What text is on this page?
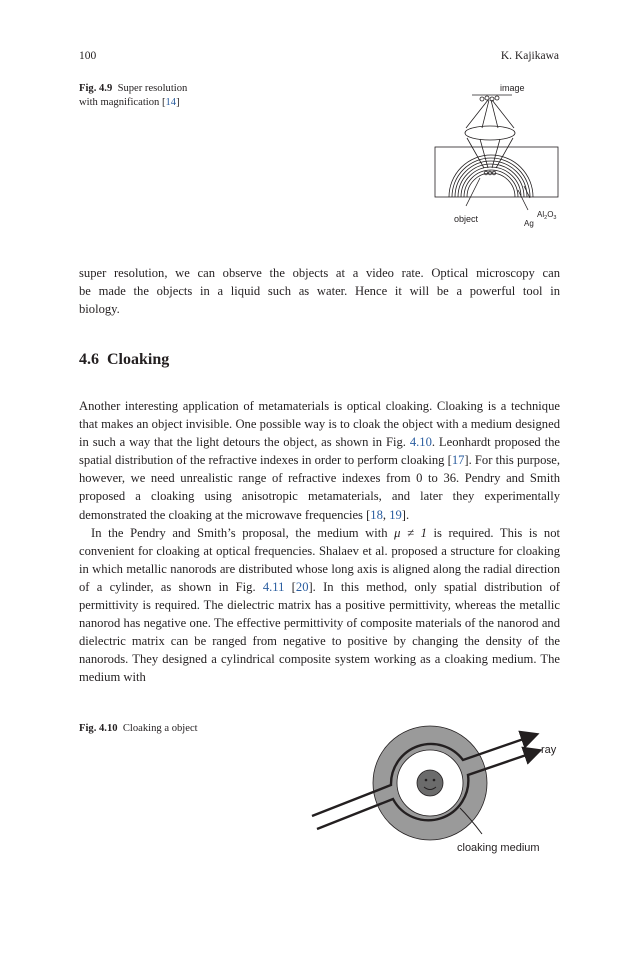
100	K. Kajikawa
Fig. 4.9 Super resolution
with magnification [14]
image
object	$Al_2O_3$
Ag
super resolution, we can observe the objects at a video rate. Optical microscopy can
be made the objects in a liquid such as water. Hence it will be a powerful tool in
biology.
4.6 Cloaking

Another interesting application of metamaterials is optical cloaking. Cloaking is a technique that makes an object invisible. One possible way is to cloak the object with a medium designed in such a way that the light detours the object, as shown in Fig. 4.10. Leonhardt proposed the spatial distribution of the refractive indexes in order to perform cloaking [17]. For this purpose, however, we need unrealistic range of refractive indexes from 0 to 36. Pendry and Smith proposed a cloaking using anisotropic metamaterials, and later they experimentally demonstrated the cloaking at the microwave frequencies [18, 19].

In the Pendry and Smith’s proposal, the medium with μ ≠ 1 is required. This is not convenient for cloaking at optical frequencies. Shalaev et al. proposed a structure for cloaking in which metallic nanorods are distributed whose long axis is aligned along the radial direction of a cylinder, as shown in Fig. 4.11 [20]. In this method, only spatial distribution of permittivity is required. The dielectric matrix has a positive permittivity, whereas the metallic nanorod has negative one. The effective permittivity of composite materials of the nanorod and dielectric matrix can be ranged from negative to positive by changing the density of the nanorods. They designed a cylindrical composite system working as a cloaking medium. The medium with

Fig. 4.10 Cloaking a object
ray
cloaking medium
